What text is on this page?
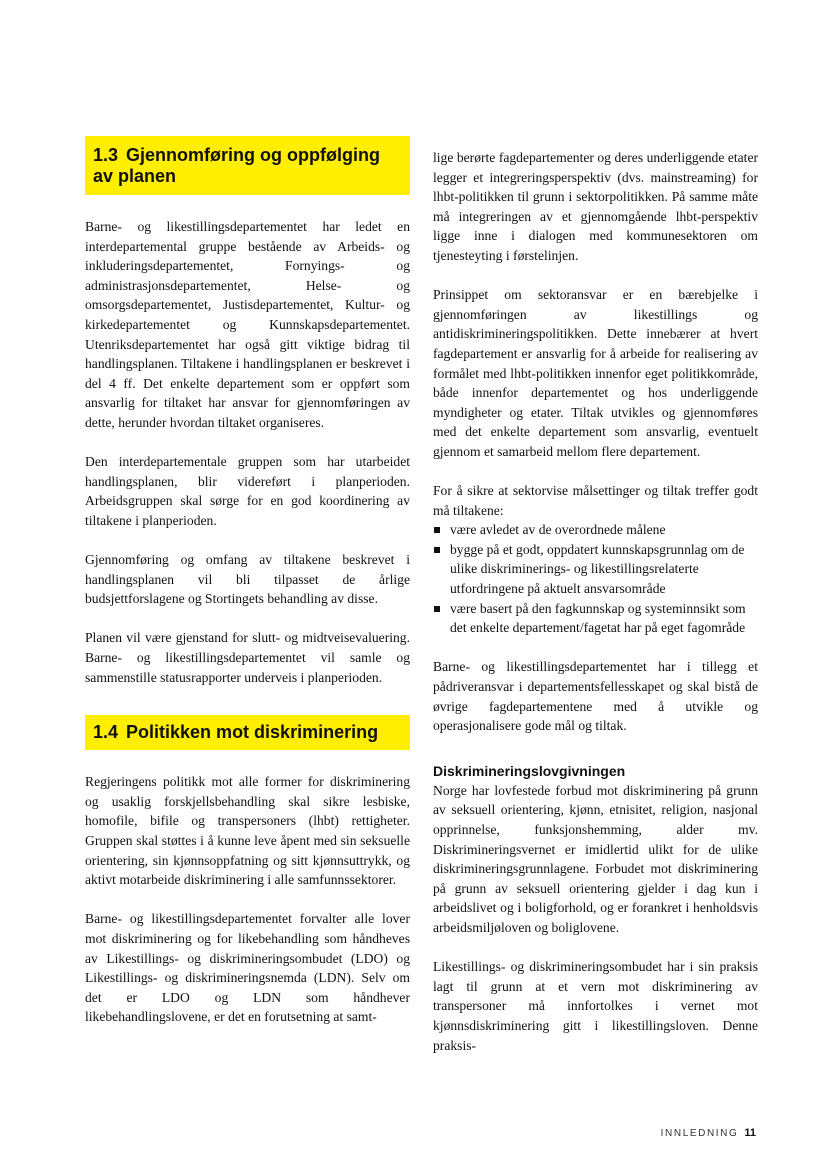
1.3 Gjennomføring og oppfølging av planen

Barne- og likestillingsdepartementet har ledet en interdepartemental gruppe bestående av Arbeids- og inkluderingsdepartementet, Fornyings- og administrasjonsdepartementet, Helse- og omsorgsdepartementet, Justisdepartementet, Kultur- og kirkedepartementet og Kunnskapsdepartementet. Utenriksdepartementet har også gitt viktige bidrag til handlingsplanen. Tiltakene i handlingsplanen er beskrevet i del 4 ff. Det enkelte departement som er oppført som ansvarlig for tiltaket har ansvar for gjennomføringen av dette, herunder hvordan tiltaket organiseres.

Den interdepartementale gruppen som har utarbeidet handlingsplanen, blir videreført i planperioden. Arbeidsgruppen skal sørge for en god koordinering av tiltakene i planperioden.

Gjennomføring og omfang av tiltakene beskrevet i handlingsplanen vil bli tilpasset de årlige budsjettforslagene og Stortingets behandling av disse.

Planen vil være gjenstand for slutt- og midtveisevaluering. Barne- og likestillingsdepartementet vil samle og sammenstille statusrapporter underveis i planperioden.

1.4 Politikken mot diskriminering

Regjeringens politikk mot alle former for diskriminering og usaklig forskjellsbehandling skal sikre lesbiske, homofile, bifile og transpersoners (lhbt) rettigheter. Gruppen skal støttes i å kunne leve åpent med sin seksuelle orientering, sin kjønnsoppfatning og sitt kjønnsuttrykk, og aktivt motarbeide diskriminering i alle samfunnssektorer.

Barne- og likestillingsdepartementet forvalter alle lover mot diskriminering og for likebehandling som håndheves av Likestillings- og diskrimineringsombudet (LDO) og Likestillings- og diskrimineringsnemda (LDN). Selv om det er LDO og LDN som håndhever likebehandlingslovene, er det en forutsetning at samt-

lige berørte fagdepartementer og deres underliggende etater legger et integreringsperspektiv (dvs. mainstreaming) for lhbt-politikken til grunn i sektorpolitikken. På samme måte må integreringen av et gjennomgående lhbt-perspektiv ligge inne i dialogen med kommunesektoren om tjenesteyting i førstelinjen.

Prinsippet om sektoransvar er en bærebjelke i gjennomføringen av likestillings og antidiskrimineringspolitikken. Dette innebærer at hvert fagdepartement er ansvarlig for å arbeide for realisering av formålet med lhbt-politikken innenfor eget politikkområde, både innenfor departementet og hos underliggende myndigheter og etater. Tiltak utvikles og gjennomføres med det enkelte departement som ansvarlig, eventuelt gjennom et samarbeid mellom flere departement.

For å sikre at sektorvise målsettinger og tiltak treffer godt må tiltakene:

være avledet av de overordnede målene
bygge på et godt, oppdatert kunnskapsgrunnlag om de ulike diskriminerings- og likestillingsrelaterte utfordringene på aktuelt ansvarsområde
være basert på den fagkunnskap og systeminnsikt som det enkelte departement/fagetat har på eget fagområde

Barne- og likestillingsdepartementet har i tillegg et pådriveransvar i departementsfellesskapet og skal bistå de øvrige fagdepartementene med å utvikle og operasjonalisere gode mål og tiltak.

Diskrimineringslovgivningen

Norge har lovfestede forbud mot diskriminering på grunn av seksuell orientering, kjønn, etnisitet, religion, nasjonal opprinnelse, funksjonshemming, alder mv. Diskrimineringsvernet er imidlertid ulikt for de ulike diskrimineringsgrunnlagene. Forbudet mot diskriminering på grunn av seksuell orientering gjelder i dag kun i arbeidslivet og i boligforhold, og er forankret i henholdsvis arbeidsmiljøloven og boliglovene.

Likestillings- og diskrimineringsombudet har i sin praksis lagt til grunn at et vern mot diskriminering av transpersoner må innfortolkes i vernet mot kjønnsdiskriminering gitt i likestillingsloven. Denne praksis-

INNLEDNING 11
